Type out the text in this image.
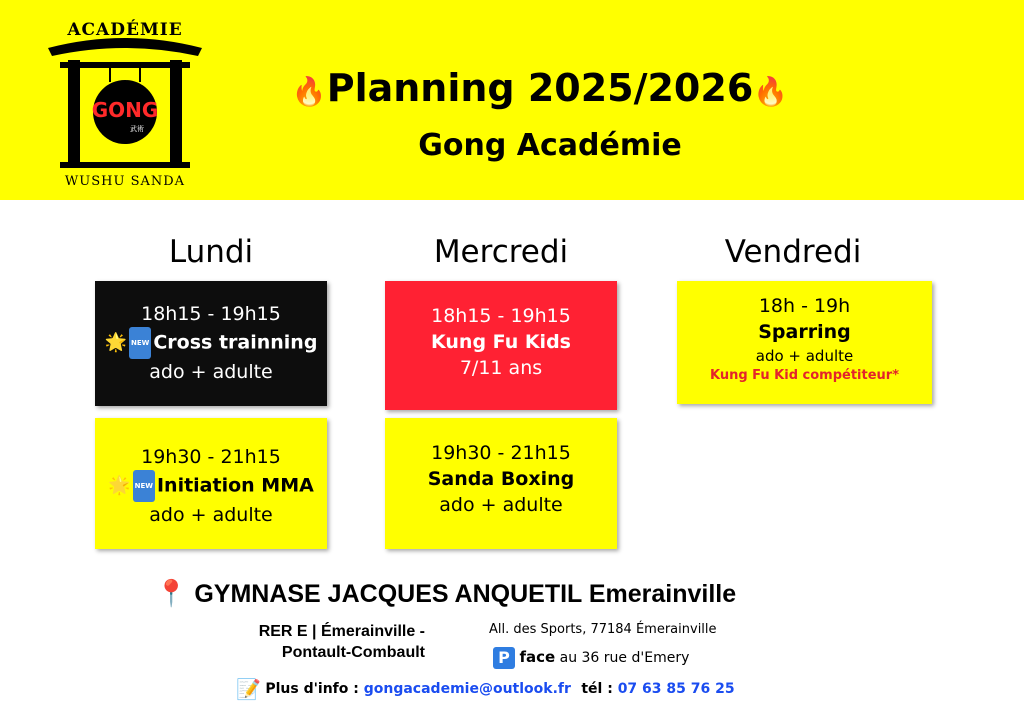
ACADÉMIE
GONG
武術
WUSHU SANDA
🔥Planning 2025/2026🔥
Gong Académie
Lundi	Mercredi	Vendredi
18h15 - 19h15
🌟 NEW Cross trainning
ado + adulte
19h30 - 21h15
🌟 NEW Initiation MMA
ado + adulte
18h15 - 19h15
Kung Fu Kids
7/11 ans
19h30 - 21h15
Sanda Boxing
ado + adulte
18h - 19h
Sparring
ado + adulte
Kung Fu Kid compétiteur*
📍 GYMNASE JACQUES ANQUETIL Emerainville
RER E | Émerainville -
Pontault-Combault
All. des Sports, 77184 Émerainville
P face au 36 rue d'Emery
📝 Plus d'info : gongacademie@outlook.fr tél : 07 63 85 76 25
